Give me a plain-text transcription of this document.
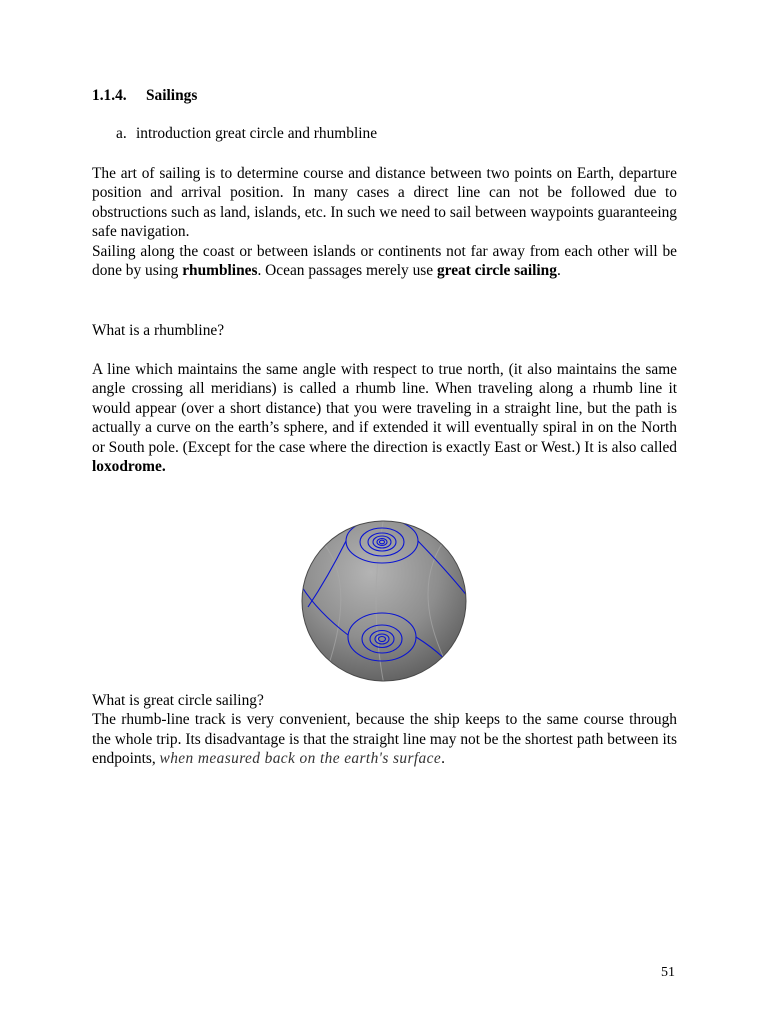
1.1.4. Sailings
a. introduction great circle and rhumbline

The art of sailing is to determine course and distance between two points on Earth, departure position and arrival position. In many cases a direct line can not be followed due to obstructions such as land, islands, etc. In such we need to sail between waypoints guaranteeing safe navigation.

Sailing along the coast or between islands or continents not far away from each other will be done by using rhumblines. Ocean passages merely use great circle sailing.

What is a rhumbline?

A line which maintains the same angle with respect to true north, (it also maintains the same angle crossing all meridians) is called a rhumb line. When traveling along a rhumb line it would appear (over a short distance) that you were traveling in a straight line, but the path is actually a curve on the earth’s sphere, and if extended it will eventually spiral in on the North or South pole. (Except for the case where the direction is exactly East or West.) It is also called loxodrome.

What is great circle sailing?
The rhumb-line track is very convenient, because the ship keeps to the same course through the whole trip. Its disadvantage is that the straight line may not be the shortest path between its endpoints, when measured back on the earth's surface.
51
